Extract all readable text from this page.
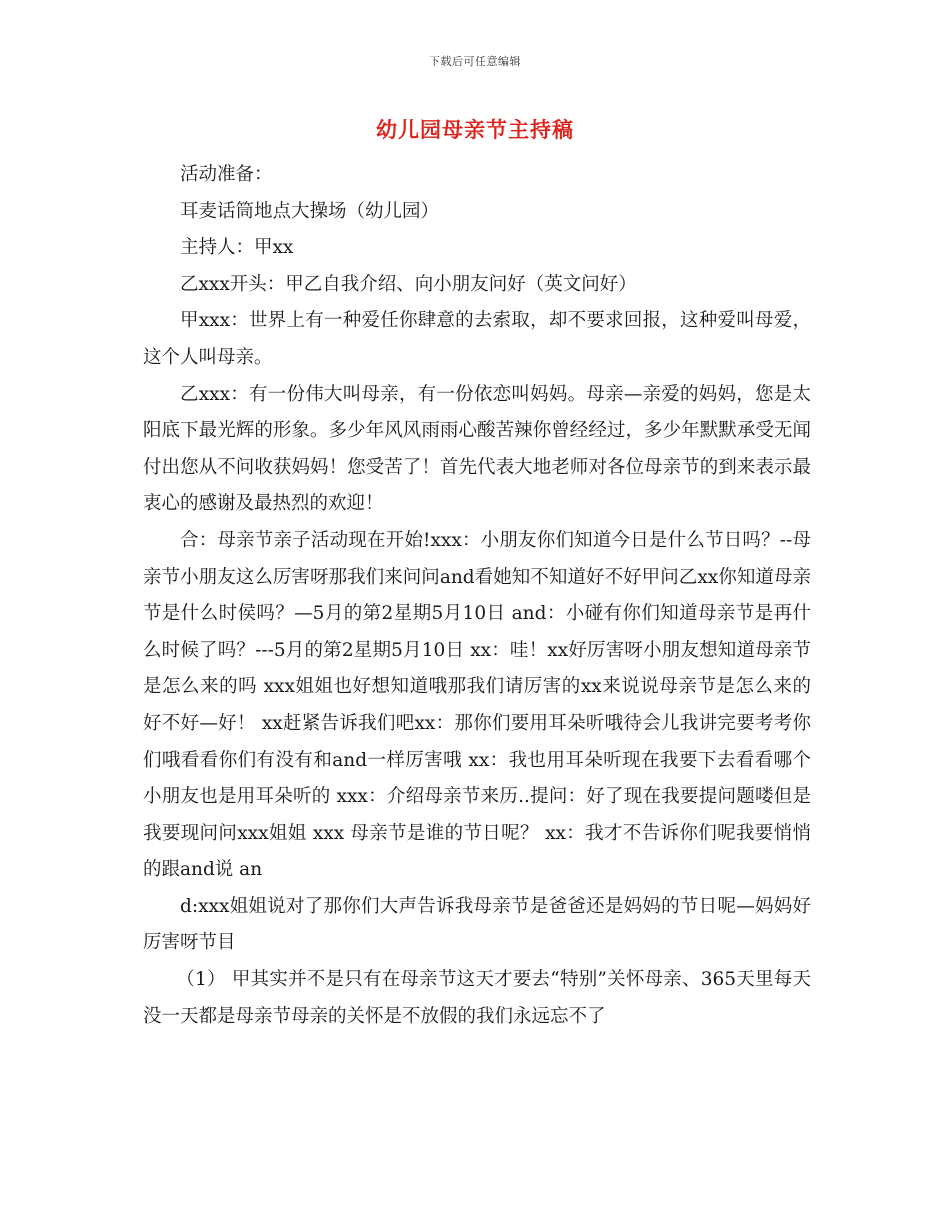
下载后可任意编辑
幼儿园母亲节主持稿

活动准备：

耳麦话筒地点大操场（幼儿园）

主持人：甲xx

乙xxx开头：甲乙自我介绍、向小朋友问好（英文问好）

甲xxx：世界上有一种爱任你肆意的去索取，却不要求回报，这种爱叫母爱，这个人叫母亲。

乙xxx：有一份伟大叫母亲，有一份依恋叫妈妈。母亲—亲爱的妈妈，您是太阳底下最光辉的形象。多少年风风雨雨心酸苦辣你曾经经过，多少年默默承受无闻付出您从不问收获妈妈！您受苦了！首先代表大地老师对各位母亲节的到来表示最衷心的感谢及最热烈的欢迎！

合：母亲节亲子活动现在开始!xxx：小朋友你们知道今日是什么节日吗？--母亲节小朋友这么厉害呀那我们来问问and看她知不知道好不好甲问乙xx你知道母亲节是什么时侯吗？—5月的第2星期5月10日 and：小碰有你们知道母亲节是再什么时候了吗？---5月的第2星期5月10日 xx：哇！xx好厉害呀小朋友想知道母亲节是怎么来的吗 xxx姐姐也好想知道哦那我们请厉害的xx来说说母亲节是怎么来的好不好—好！ xx赶紧告诉我们吧xx：那你们要用耳朵听哦待会儿我讲完要考考你们哦看看你们有没有和and一样厉害哦 xx：我也用耳朵听现在我要下去看看哪个小朋友也是用耳朵听的 xxx：介绍母亲节来历..提问：好了现在我要提问题喽但是我要现问问xxx姐姐 xxx 母亲节是谁的节日呢？ xx：我才不告诉你们呢我要悄悄的跟and说 an

d:xxx姐姐说对了那你们大声告诉我母亲节是爸爸还是妈妈的节日呢—妈妈好厉害呀节目

（1） 甲其实并不是只有在母亲节这天才要去“特别”关怀母亲、365天里每天没一天都是母亲节母亲的关怀是不放假的我们永远忘不了
